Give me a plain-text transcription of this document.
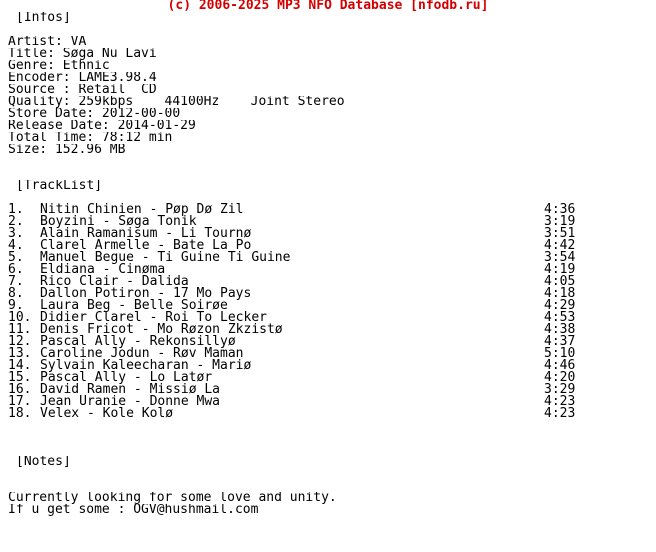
(c) 2006-2025 MP3 NFO Database [nfodb.ru]
[Infos]
Artist: VA
Title: Søga Nu Lavi
Genre: Ethnic
Encoder: LAME3.98.4
Source : Retail  CD
Quality: 259kbps    44100Hz    Joint Stereo
Store Date: 2012-00-00
Release Date: 2014-01-29
Total Time: 78:12 min
Size: 152.96 MB
[TrackList]
1. Nitin Chinien - Pøp Dø Zil	4:36
2. Boyzini - Søga Tonik	3:19
3. Alain Ramanisum - Li Tournø	3:51
4. Clarel Armelle - Bate La Po	4:42
5. Manuel Begue - Ti Guine Ti Guine	3:54
6. Eldiana - Cinøma	4:19
7. Rico Clair - Dalida	4:05
8. Dallon Potiron - 17 Mo Pays	4:18
9. Laura Beg - Belle Soirøe	4:29
10. Didier Clarel - Roi To Lecker	4:53
11. Denis Fricot - Mo Røzon Zkzistø	4:38
12. Pascal Ally - Rekonsillyø	4:37
13. Caroline Jodun - Røv Maman	5:10
14. Sylvain Kaleecharan - Mariø	4:46
15. Pascal Ally - Lo Latør	4:20
16. David Ramen - Missiø La	3:29
17. Jean Uranie - Donne Mwa	4:23
18. Velex - Kole Kolø	4:23
[Notes]
Currently looking for some love and unity.
If u get some : OGV@hushmail.com
